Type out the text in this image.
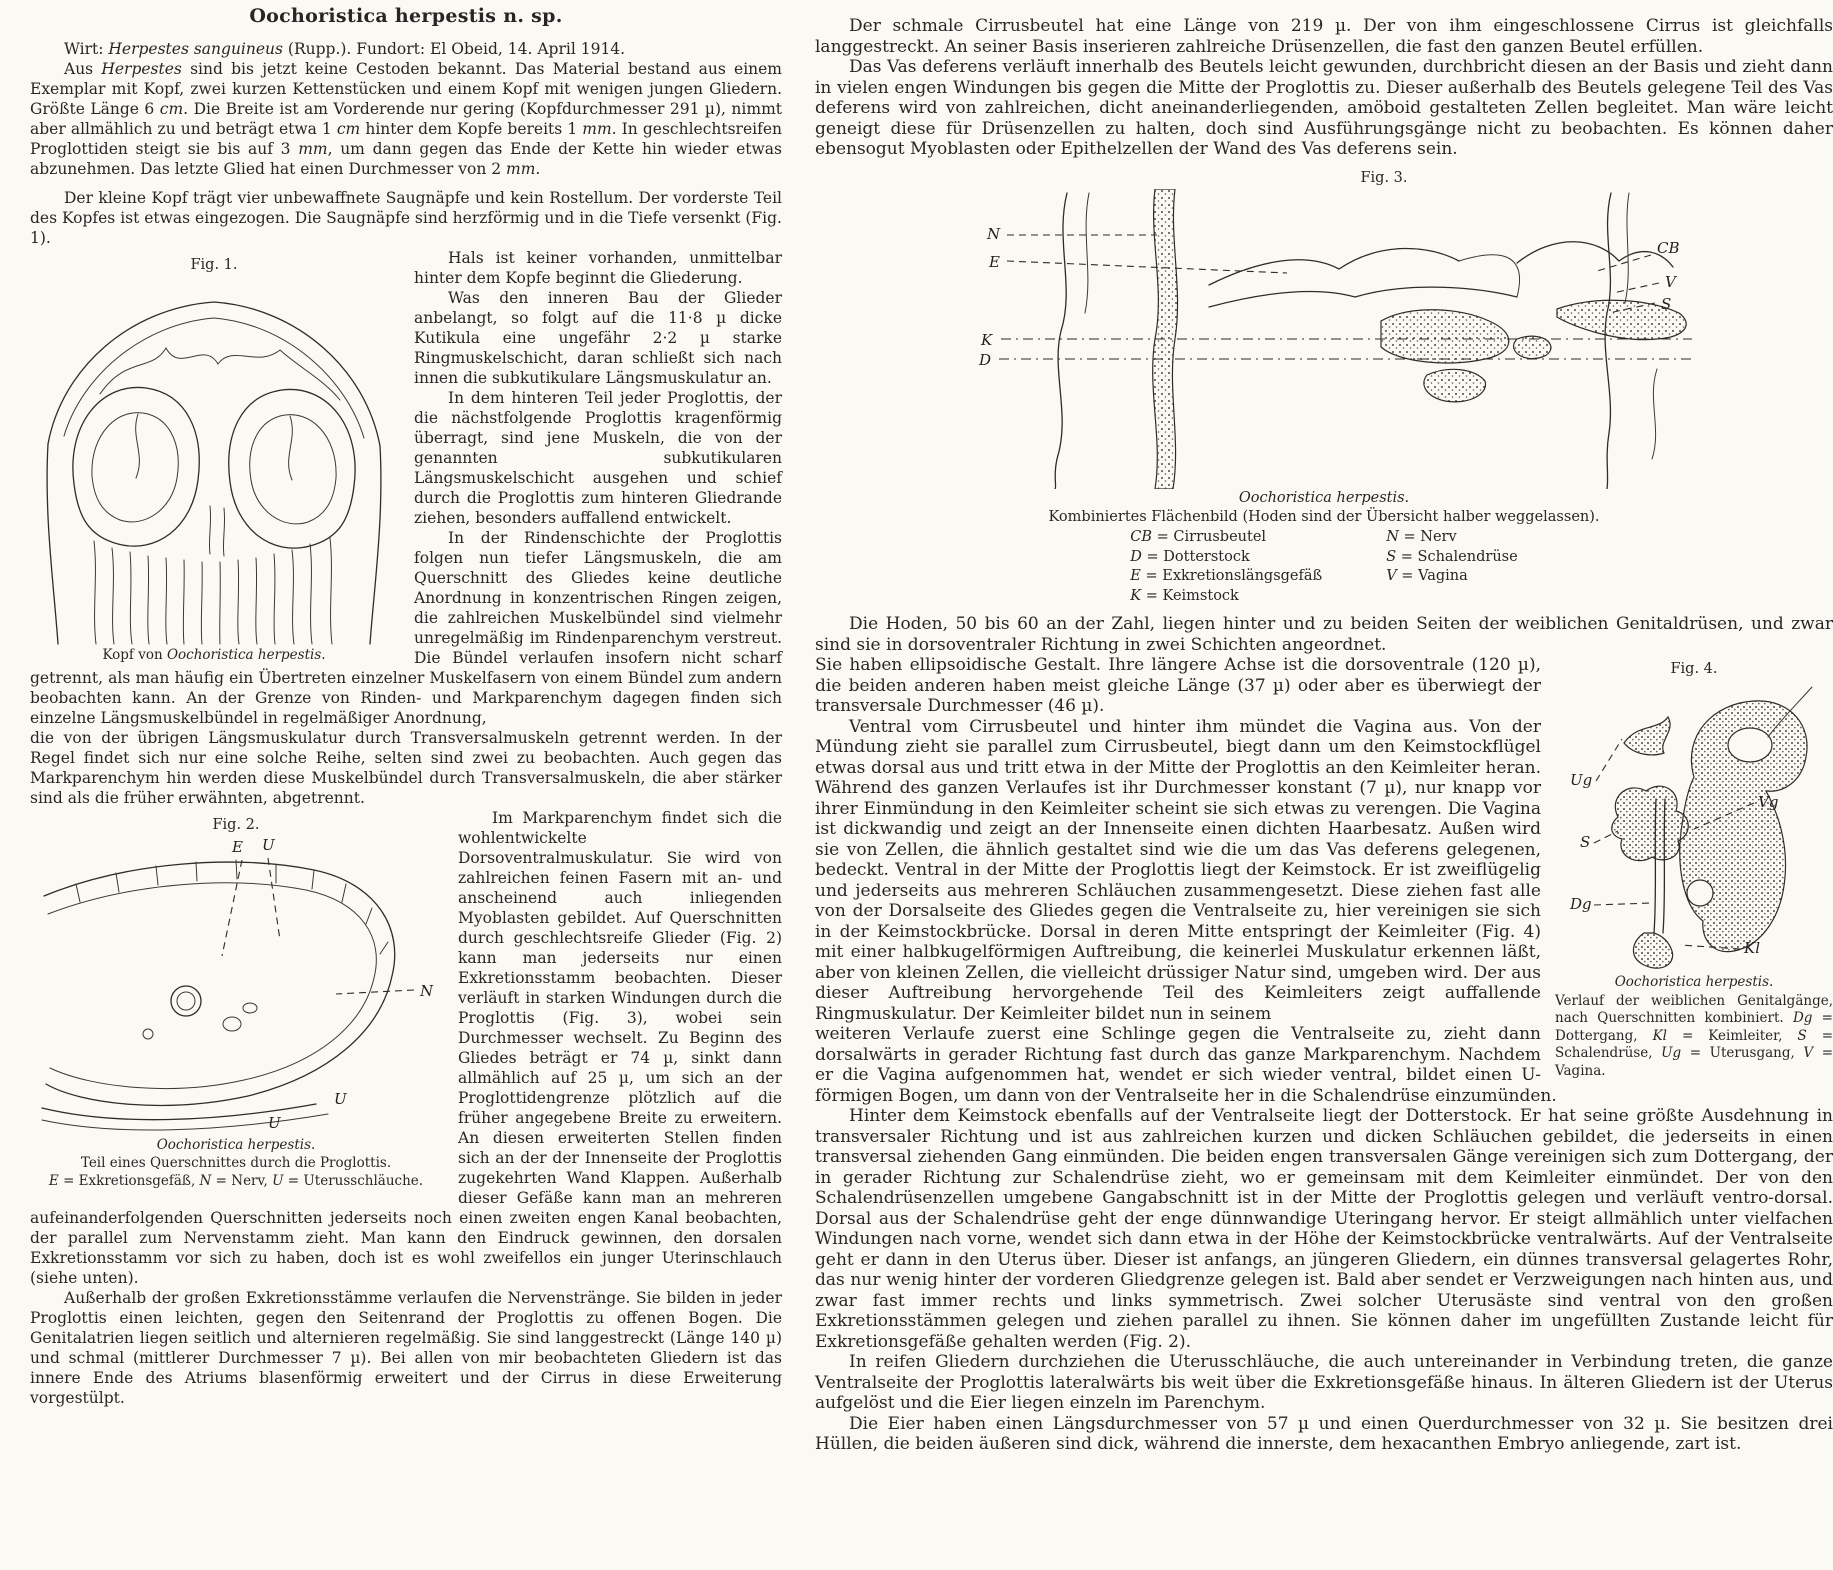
Oochoristica herpestis n. sp.

Wirt: Herpestes sanguineus (Rupp.). Fundort: El Obeid, 14. April 1914.

Aus Herpestes sind bis jetzt keine Cestoden bekannt. Das Material bestand aus einem Exemplar mit Kopf, zwei kurzen Kettenstücken und einem Kopf mit wenigen jungen Gliedern. Größte Länge 6 cm. Die Breite ist am Vorderende nur gering (Kopfdurchmesser 291 µ), nimmt aber allmählich zu und beträgt etwa 1 cm hinter dem Kopfe bereits 1 mm. In geschlechtsreifen Proglottiden steigt sie bis auf 3 mm, um dann gegen das Ende der Kette hin wieder etwas abzunehmen. Das letzte Glied hat einen Durchmesser von 2 mm.

Der kleine Kopf trägt vier unbewaffnete Saugnäpfe und kein Rostellum. Der vorderste Teil des Kopfes ist etwas eingezogen. Die Saugnäpfe sind herzförmig und in die Tiefe versenkt (Fig. 1).

Fig. 1.
Kopf von Oochoristica herpestis.

Hals ist keiner vorhanden, unmittelbar hinter dem Kopfe beginnt die Gliederung.

Was den inneren Bau der Glieder anbelangt, so folgt auf die 11·8 µ dicke Kutikula eine ungefähr 2·2 µ starke Ringmuskelschicht, daran schließt sich nach innen die subkutikulare Längsmuskulatur an.

In dem hinteren Teil jeder Proglottis, der die nächstfolgende Proglottis kragenförmig überragt, sind jene Muskeln, die von der genannten subkutikularen Längsmuskelschicht ausgehen und schief durch die Proglottis zum hinteren Gliedrande ziehen, besonders auffallend entwickelt.

In der Rindenschichte der Proglottis folgen nun tiefer Längsmuskeln, die am Querschnitt des Gliedes keine deutliche Anordnung in konzentrischen Ringen zeigen, die zahlreichen Muskelbündel sind vielmehr unregelmäßig im Rindenparenchym verstreut. Die Bündel verlaufen insofern nicht scharf getrennt, als man häufig ein Übertreten einzelner Muskelfasern von einem Bündel zum andern beobachten kann. An der Grenze von Rinden- und Markparenchym dagegen finden sich einzelne Längsmuskelbündel in regelmäßiger Anordnung,

die von der übrigen Längsmuskulatur durch Transversalmuskeln getrennt werden. In der Regel findet sich nur eine solche Reihe, selten sind zwei zu beobachten. Auch gegen das Markparenchym hin werden diese Muskelbündel durch Transversalmuskeln, die aber stärker sind als die früher erwähnten, abgetrennt.

Fig. 2.
E U
N
U
U
Oochoristica herpestis.
Teil eines Querschnittes durch die Proglottis.
E = Exkretionsgefäß, N = Nerv, U = Uterusschläuche.

Im Markparenchym findet sich die wohlentwickelte Dorsoventralmuskulatur. Sie wird von zahlreichen feinen Fasern mit an- und anscheinend auch inliegenden Myoblasten gebildet. Auf Querschnitten durch geschlechtsreife Glieder (Fig. 2) kann man jederseits nur einen Exkretionsstamm beobachten. Dieser verläuft in starken Windungen durch die Proglottis (Fig. 3), wobei sein Durchmesser wechselt. Zu Beginn des Gliedes beträgt er 74 µ, sinkt dann allmählich auf 25 µ, um sich an der Proglottidengrenze plötzlich auf die früher angegebene Breite zu erweitern. An diesen erweiterten Stellen finden sich an der der Innenseite der Proglottis zugekehrten Wand Klappen. Außerhalb dieser Gefäße kann man an mehreren aufeinanderfolgenden Querschnitten jederseits noch einen zweiten engen Kanal beobachten, der parallel zum Nervenstamm zieht. Man kann den Eindruck gewinnen, den dorsalen Exkretionsstamm vor sich zu haben, doch ist es wohl zweifellos ein junger Uterinschlauch (siehe unten).

Außerhalb der großen Exkretionsstämme verlaufen die Nervenstränge. Sie bilden in jeder Proglottis einen leichten, gegen den Seitenrand der Proglottis zu offenen Bogen. Die Genitalatrien liegen seitlich und alternieren regelmäßig. Sie sind langgestreckt (Länge 140 µ) und schmal (mittlerer Durchmesser 7 µ). Bei allen von mir beobachteten Gliedern ist das innere Ende des Atriums blasenförmig erweitert und der Cirrus in diese Erweiterung vorgestülpt.

Der schmale Cirrusbeutel hat eine Länge von 219 µ. Der von ihm eingeschlossene Cirrus ist gleichfalls langgestreckt. An seiner Basis inserieren zahlreiche Drüsenzellen, die fast den ganzen Beutel erfüllen.

Das Vas deferens verläuft innerhalb des Beutels leicht gewunden, durchbricht diesen an der Basis und zieht dann in vielen engen Windungen bis gegen die Mitte der Proglottis zu. Dieser außerhalb des Beutels gelegene Teil des Vas deferens wird von zahlreichen, dicht aneinanderliegenden, amöboid gestalteten Zellen begleitet. Man wäre leicht geneigt diese für Drüsenzellen zu halten, doch sind Ausführungsgänge nicht zu beobachten. Es können daher ebensogut Myoblasten oder Epithelzellen der Wand des Vas deferens sein.

Fig. 3.
N
E
K
D
CB
V
S
Oochoristica herpestis.
Kombiniertes Flächenbild (Hoden sind der Übersicht halber weggelassen).
CB = Cirrusbeutel
D = Dotterstock
E = Exkretionslängsgefäß
K = Keimstock
N = Nerv
S = Schalendrüse
V = Vagina

Die Hoden, 50 bis 60 an der Zahl, liegen hinter und zu beiden Seiten der weiblichen Genitaldrüsen, und zwar sind sie in dorsoventraler Richtung in zwei Schichten angeordnet.

Fig. 4.
Ug
S
Dg
Vg
Kl
Oochoristica herpestis.
Verlauf der weiblichen Genitalgänge, nach Querschnitten kombiniert. Dg = Dottergang, Kl = Keimleiter, S = Schalendrüse, Ug = Uterusgang, V = Vagina.

Sie haben ellipsoidische Gestalt. Ihre längere Achse ist die dorsoventrale (120 µ), die beiden anderen haben meist gleiche Länge (37 µ) oder aber es überwiegt der transversale Durchmesser (46 µ).

Ventral vom Cirrusbeutel und hinter ihm mündet die Vagina aus. Von der Mündung zieht sie parallel zum Cirrusbeutel, biegt dann um den Keimstockflügel etwas dorsal aus und tritt etwa in der Mitte der Proglottis an den Keimleiter heran. Während des ganzen Verlaufes ist ihr Durchmesser konstant (7 µ), nur knapp vor ihrer Einmündung in den Keimleiter scheint sie sich etwas zu verengen. Die Vagina ist dickwandig und zeigt an der Innenseite einen dichten Haarbesatz. Außen wird sie von Zellen, die ähnlich gestaltet sind wie die um das Vas deferens gelegenen, bedeckt. Ventral in der Mitte der Proglottis liegt der Keimstock. Er ist zweiflügelig und jederseits aus mehreren Schläuchen zusammengesetzt. Diese ziehen fast alle von der Dorsalseite des Gliedes gegen die Ventralseite zu, hier vereinigen sie sich in der Keimstockbrücke. Dorsal in deren Mitte entspringt der Keimleiter (Fig. 4) mit einer halbkugelförmigen Auftreibung, die keinerlei Muskulatur erkennen läßt, aber von kleinen Zellen, die vielleicht drüssiger Natur sind, umgeben wird. Der aus dieser Auftreibung hervorgehende Teil des Keimleiters zeigt auffallende Ringmuskulatur. Der Keimleiter bildet nun in seinem

weiteren Verlaufe zuerst eine Schlinge gegen die Ventralseite zu, zieht dann dorsalwärts in gerader Richtung fast durch das ganze Markparenchym. Nachdem er die Vagina aufgenommen hat, wendet er sich wieder ventral, bildet einen U-förmigen Bogen, um dann von der Ventralseite her in die Schalendrüse einzumünden.

Hinter dem Keimstock ebenfalls auf der Ventralseite liegt der Dotterstock. Er hat seine größte Ausdehnung in transversaler Richtung und ist aus zahlreichen kurzen und dicken Schläuchen gebildet, die jederseits in einen transversal ziehenden Gang einmünden. Die beiden engen transversalen Gänge vereinigen sich zum Dottergang, der in gerader Richtung zur Schalendrüse zieht, wo er gemeinsam mit dem Keimleiter einmündet. Der von den Schalendrüsenzellen umgebene Gangabschnitt ist in der Mitte der Proglottis gelegen und verläuft ventro-dorsal. Dorsal aus der Schalendrüse geht der enge dünnwandige Uteringang hervor. Er steigt allmählich unter vielfachen Windungen nach vorne, wendet sich dann etwa in der Höhe der Keimstockbrücke ventralwärts. Auf der Ventralseite geht er dann in den Uterus über. Dieser ist anfangs, an jüngeren Gliedern, ein dünnes transversal gelagertes Rohr, das nur wenig hinter der vorderen Gliedgrenze gelegen ist. Bald aber sendet er Verzweigungen nach hinten aus, und zwar fast immer rechts und links symmetrisch. Zwei solcher Uterusäste sind ventral von den großen Exkretionsstämmen gelegen und ziehen parallel zu ihnen. Sie können daher im ungefüllten Zustande leicht für Exkretionsgefäße gehalten werden (Fig. 2).

In reifen Gliedern durchziehen die Uterusschläuche, die auch untereinander in Verbindung treten, die ganze Ventralseite der Proglottis lateralwärts bis weit über die Exkretionsgefäße hinaus. In älteren Gliedern ist der Uterus aufgelöst und die Eier liegen einzeln im Parenchym.

Die Eier haben einen Längsdurchmesser von 57 µ und einen Querdurchmesser von 32 µ. Sie besitzen drei Hüllen, die beiden äußeren sind dick, während die innerste, dem hexacanthen Embryo anliegende, zart ist.
